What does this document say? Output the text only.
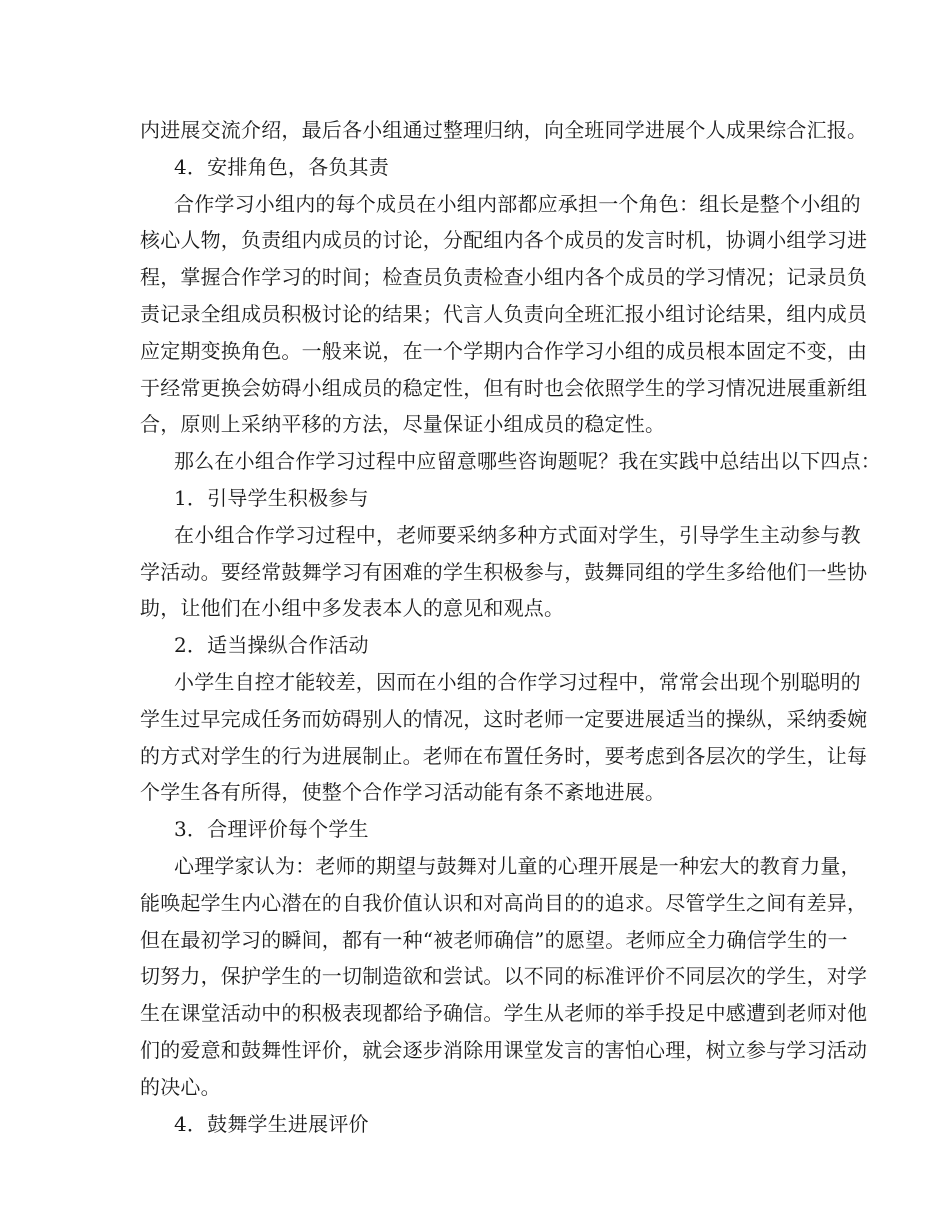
内进展交流介绍，最后各小组通过整理归纳，向全班同学进展个人成果综合汇报。
4．安排角色，各负其责
合作学习小组内的每个成员在小组内部都应承担一个角色：组长是整个小组的
核心人物，负责组内成员的讨论，分配组内各个成员的发言时机，协调小组学习进
程，掌握合作学习的时间；检查员负责检查小组内各个成员的学习情况；记录员负
责记录全组成员积极讨论的结果；代言人负责向全班汇报小组讨论结果，组内成员
应定期变换角色。一般来说，在一个学期内合作学习小组的成员根本固定不变，由
于经常更换会妨碍小组成员的稳定性，但有时也会依照学生的学习情况进展重新组
合，原则上采纳平移的方法，尽量保证小组成员的稳定性。
那么在小组合作学习过程中应留意哪些咨询题呢？我在实践中总结出以下四点：
1．引导学生积极参与
在小组合作学习过程中，老师要采纳多种方式面对学生，引导学生主动参与教
学活动。要经常鼓舞学习有困难的学生积极参与，鼓舞同组的学生多给他们一些协
助，让他们在小组中多发表本人的意见和观点。
2．适当操纵合作活动
小学生自控才能较差，因而在小组的合作学习过程中，常常会出现个别聪明的
学生过早完成任务而妨碍别人的情况，这时老师一定要进展适当的操纵，采纳委婉
的方式对学生的行为进展制止。老师在布置任务时，要考虑到各层次的学生，让每
个学生各有所得，使整个合作学习活动能有条不紊地进展。
3．合理评价每个学生
心理学家认为：老师的期望与鼓舞对儿童的心理开展是一种宏大的教育力量，
能唤起学生内心潜在的自我价值认识和对高尚目的的追求。尽管学生之间有差异，
但在最初学习的瞬间，都有一种“被老师确信”的愿望。老师应全力确信学生的一
切努力，保护学生的一切制造欲和尝试。以不同的标准评价不同层次的学生，对学
生在课堂活动中的积极表现都给予确信。学生从老师的举手投足中感遭到老师对他
们的爱意和鼓舞性评价，就会逐步消除用课堂发言的害怕心理，树立参与学习活动
的决心。
4．鼓舞学生进展评价
